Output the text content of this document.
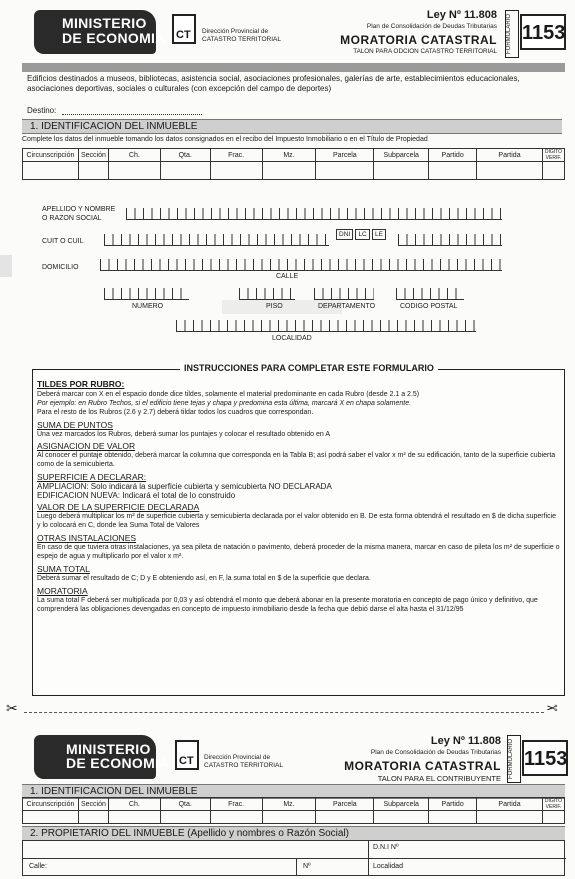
MINISTERIO
DE ECONOMIA CT Dirección Provincial de
CATASTRO TERRITORIAL
Ley Nº 11.808
Plan de Consolidación de Deudas Tributarias
MORATORIA CATASTRAL
TALON PARA ODCION CATASTRO TERRITORIAL FORMULARIO 1153
Edificios destinados a museos, bibliotecas, asistencia social, asociaciones profesionales, galerías de arte, establecimientos educacionales, asociaciones deportivas, sociales o culturales (con excepción del campo de deportes)
Destino:
1. IDENTIFICACION DEL INMUEBLE
Complete los datos del inmueble tomando los datos consignados en el recibo del Impuesto Inmobiliario o en el Título de Propiedad
Circunscripción	Sección	Ch.	Qta.	Frac.	Mz.	Parcela	Subparcela	Partido	Partida	DIGITO VERIF.

APELLIDO Y NOMBRE
O RAZON SOCIAL
CUIT O CUIL
DNI LC LE
DOMICILIO
CALLE
NUMERO	PISO	DEPARTAMENTO	CODIGO POSTAL
LOCALIDAD
INSTRUCCIONES PARA COMPLETAR ESTE FORMULARIO
TILDES POR RUBRO:
Deberá marcar con X en el espacio donde dice tildes, solamente el material predominante en cada Rubro (desde 2.1 a 2.5)
Por ejemplo: en Rubro Techos, si el edificio tiene tejas y chapa y predomina esta última, marcará X en chapa solamente.
Para el resto de los Rubros (2.6 y 2.7) deberá tildar todos los cuadros que correspondan.
SUMA DE PUNTOS
Una vez marcados los Rubros, deberá sumar los puntajes y colocar el resultado obtenido en A
ASIGNACION DE VALOR
Al conocer el puntaje obtenido, deberá marcar la columna que corresponda en la Tabla B; así podrá saber el valor x m² de su edificación, tanto de la superficie cubierta como de la semicubierta.
SUPERFICIE A DECLARAR:
AMPLIACION: Solo indicará la superficie cubierta y semicubierta NO DECLARADA
EDIFICACION NUEVA: Indicará el total de lo construido
VALOR DE LA SUPERFICIE DECLARADA
Luego deberá multiplicar los m² de superficie cubierta y semicubierta declarada por el valor obtenido en B. De esta forma obtendrá el resultado en $ de dicha superficie y lo colocará en C, donde lea Suma Total de Valores
OTRAS INSTALACIONES
En caso de que tuviera otras instalaciones, ya sea pileta de natación o pavimento, deberá proceder de la misma manera, marcar en caso de pileta los m² de superficie o espejo de agua y multiplicarlo por el valor x m².
SUMA TOTAL
Deberá sumar el resultado de C; D y E obteniendo así, en F, la suma total en $ de la superficie que declara.
MORATORIA
La suma total F deberá ser multiplicada por 0,03 y así obtendrá el monto que deberá abonar en la presente moratoria en concepto de pago único y definitivo, que comprenderá las obligaciones devengadas en concepto de impuesto inmobiliario desde la fecha que debió darse el alta hasta el 31/12/95
✂	✂
MINISTERIO
DE ECONOMIA CT Dirección Provincial de
CATASTRO TERRITORIAL
Ley Nº 11.808
Plan de Consolidación de Deudas Tributarias
MORATORIA CATASTRAL
TALON PARA EL CONTRIBUYENTE FORMULARIO 1153
1. IDENTIFICACION DEL INMUEBLE
Circunscripción	Sección	Ch.	Qta.	Frac.	Mz.	Parcela	Subparcela	Partido	Partida	DIGITO VERIF.

2. PROPIETARIO DEL INMUEBLE (Apellido y nombres o Razón Social)
D.N.I Nº
Calle:	Nº	Localidad
